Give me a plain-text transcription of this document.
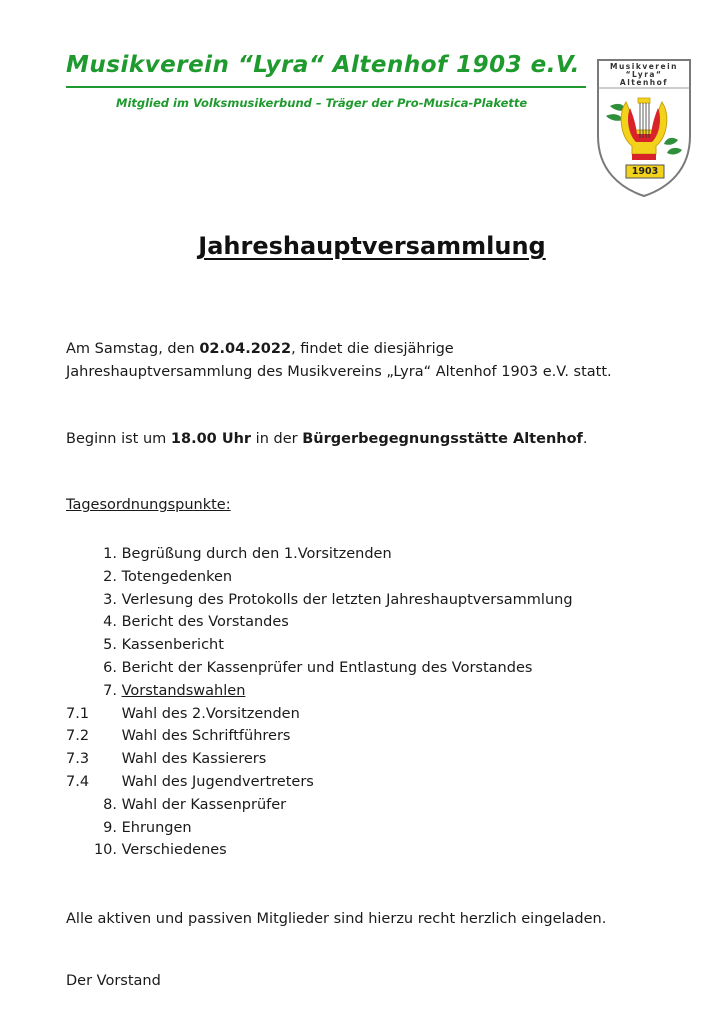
Musikverein “Lyra“ Altenhof 1903 e.V.

Mitglied im Volksmusikerbund – Träger der Pro-Musica-Plakette

Musikverein
“Lyra“
Altenhof
1903
Jahreshauptversammlung

Am Samstag, den 02.04.2022, findet die diesjährige
Jahreshauptversammlung des Musikvereins „Lyra“ Altenhof 1903 e.V. statt.

Beginn ist um 18.00 Uhr in der Bürgerbegegnungsstätte Altenhof.

Tagesordnungspunkte:

1. Begrüßung durch den 1.Vorsitzenden
2. Totengedenken
3. Verlesung des Protokolls der letzten Jahreshauptversammlung
4. Bericht des Vorstandes
5. Kassenbericht
6. Bericht der Kassenprüfer und Entlastung des Vorstandes
7. Vorstandswahlen
7.1 Wahl des 2.Vorsitzenden
7.2 Wahl des Schriftführers
7.3 Wahl des Kassierers
7.4 Wahl des Jugendvertreters
8. Wahl der Kassenprüfer
9. Ehrungen
10. Verschiedenes

Alle aktiven und passiven Mitglieder sind hierzu recht herzlich eingeladen.

Der Vorstand
